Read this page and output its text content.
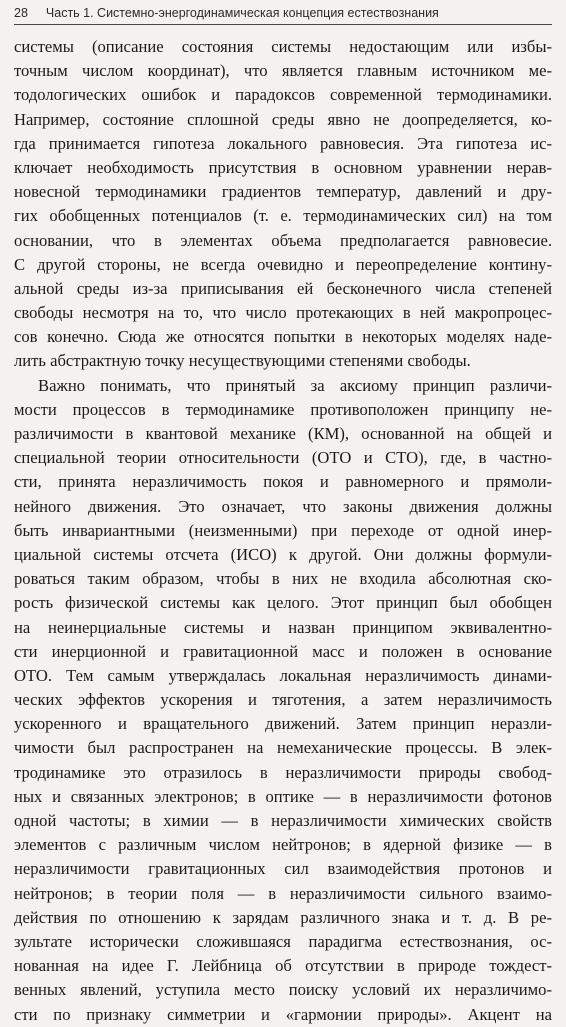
28 Часть 1. Системно-энергодинамическая концепция естествознания
системы (описание состояния системы недостающим или избы-
точным числом координат), что является главным источником ме-
тодологических ошибок и парадоксов современной термодинамики.
Например, состояние сплошной среды явно не доопределяется, ко-
гда принимается гипотеза локального равновесия. Эта гипотеза ис-
ключает необходимость присутствия в основном уравнении нерав-
новесной термодинамики градиентов температур, давлений и дру-
гих обобщенных потенциалов (т. е. термодинамических сил) на том
основании, что в элементах объема предполагается равновесие.
С другой стороны, не всегда очевидно и переопределение контину-
альной среды из-за приписывания ей бесконечного числа степеней
свободы несмотря на то, что число протекающих в ней макропроцес-
сов конечно. Сюда же относятся попытки в некоторых моделях надe-
лить абстрактную точку несуществующими степенями свободы.
Важно понимать, что принятый за аксиому принцип различи-
мости процессов в термодинамике противоположен принципу не-
различимости в квантовой механике (КМ), основанной на общей и
специальной теории относительности (ОТО и СТО), где, в частно-
сти, принята неразличимость покоя и равномерного и прямоли-
нейного движения. Это означает, что законы движения должны
быть инвариантными (неизменными) при переходе от одной инер-
циальной системы отсчета (ИСО) к другой. Они должны формули-
роваться таким образом, чтобы в них не входила абсолютная ско-
рость физической системы как целого. Этот принцип был обобщен
на неинерциальные системы и назван принципом эквивалентно-
сти инерционной и гравитационной масс и положен в основание
ОТО. Тем самым утверждалась локальная неразличимость динами-
ческих эффектов ускорения и тяготения, а затем неразличимость
ускоренного и вращательного движений. Затем принцип неразли-
чимости был распространен на немеханические процессы. В элек-
тродинамике это отразилось в неразличимости природы свобод-
ных и связанных электронов; в оптике — в неразличимости фотонов
одной частоты; в химии — в неразличимости химических свойств
элементов с различным числом нейтронов; в ядерной физике — в
неразличимости гравитационных сил взаимодействия протонов и
нейтронов; в теории поля — в неразличимости сильного взаимо-
действия по отношению к зарядам различного знака и т. д. В ре-
зультате исторически сложившаяся парадигма естествознания, ос-
нованная на идее Г. Лейбница об отсутствии в природе тождест-
венных явлений, уступила место поиску условий их неразличимо-
сти по признаку симметрии и «гармонии природы». Акцент на
